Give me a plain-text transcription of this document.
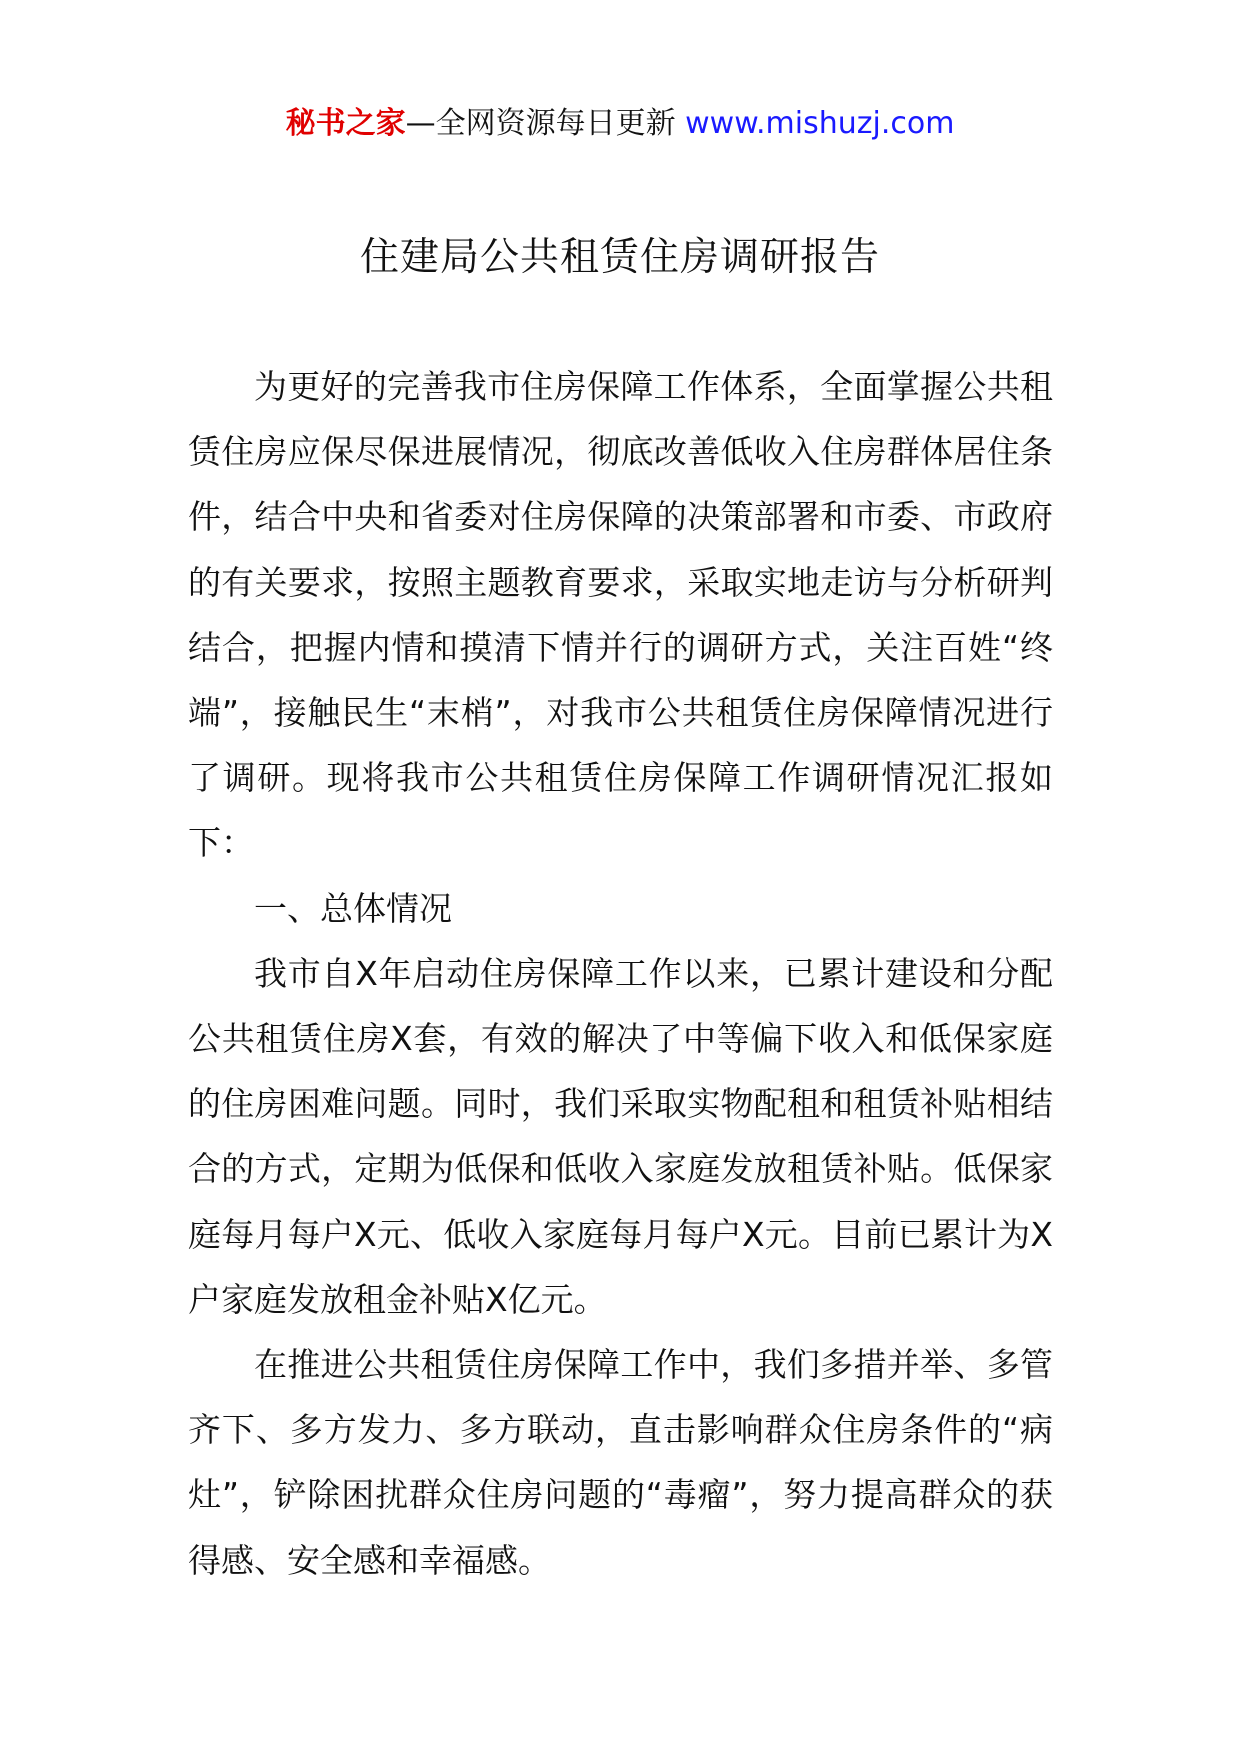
秘书之家—全网资源每日更新 www.mishuzj.com
住建局公共租赁住房调研报告

为更好的完善我市住房保障工作体系，全面掌握公共租赁住房应保尽保进展情况，彻底改善低收入住房群体居住条件，结合中央和省委对住房保障的决策部署和市委、市政府的有关要求，按照主题教育要求，采取实地走访与分析研判结合，把握内情和摸清下情并行的调研方式，关注百姓“终端”，接触民生“末梢”，对我市公共租赁住房保障情况进行了调研。现将我市公共租赁住房保障工作调研情况汇报如下：

一、总体情况

我市自X年启动住房保障工作以来，已累计建设和分配公共租赁住房X套，有效的解决了中等偏下收入和低保家庭的住房困难问题。同时，我们采取实物配租和租赁补贴相结合的方式，定期为低保和低收入家庭发放租赁补贴。低保家庭每月每户X元、低收入家庭每月每户X元。目前已累计为X户家庭发放租金补贴X亿元。

在推进公共租赁住房保障工作中，我们多措并举、多管齐下、多方发力、多方联动，直击影响群众住房条件的“病灶”，铲除困扰群众住房问题的“毒瘤”，努力提高群众的获得感、安全感和幸福感。
